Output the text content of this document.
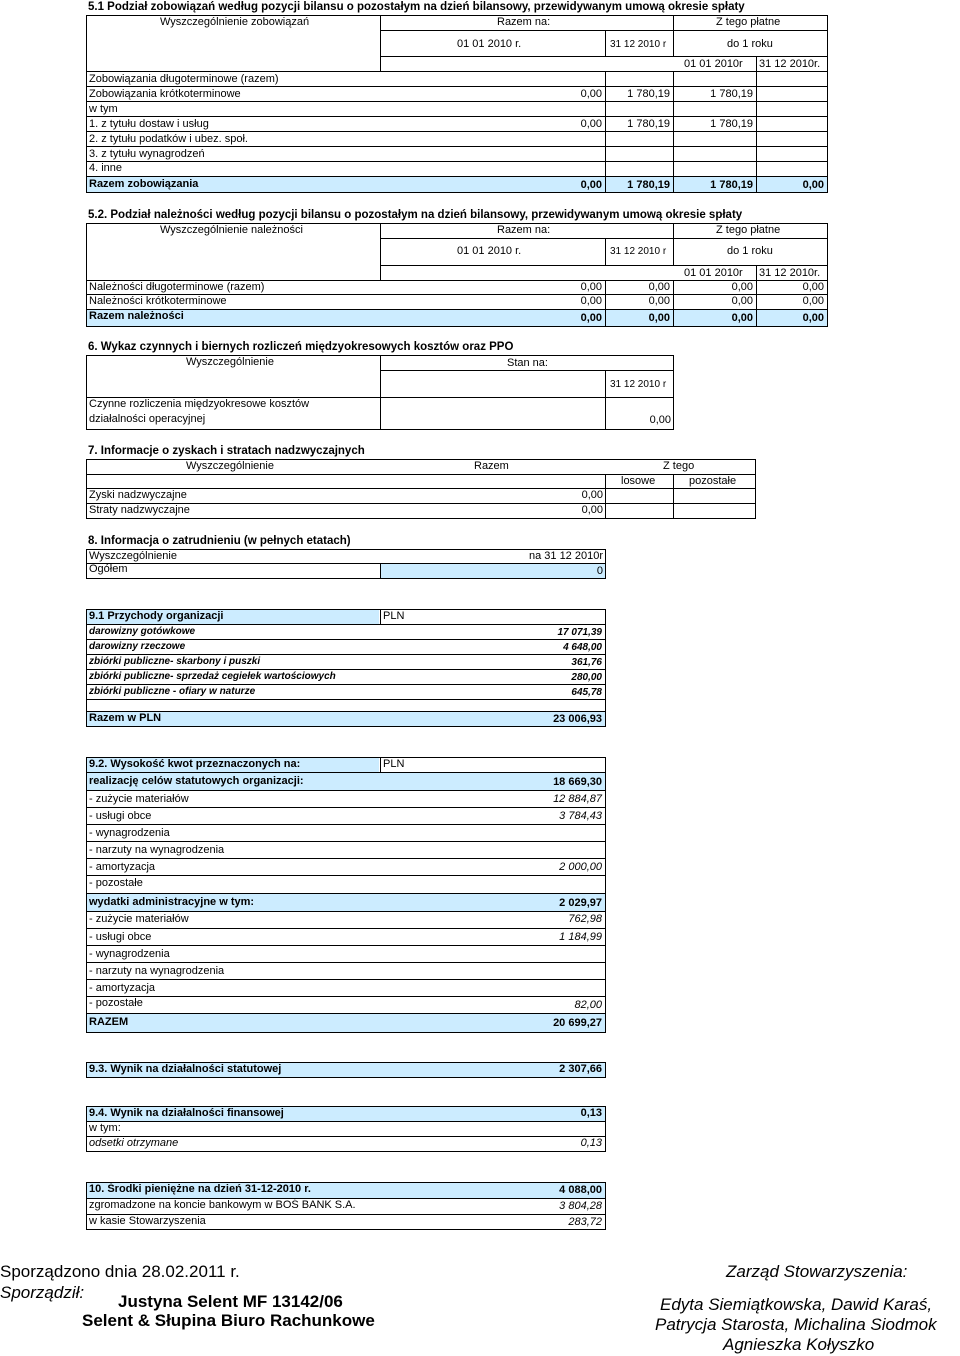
5.1 Podział zobowiązań według pozycji bilansu o pozostałym na dzień bilansowy, przewidywanym umową okresie spłaty
Wyszczególnienie zobowiązań	Razem na:	Z tego płatne
01 01 2010 r.	31 12 2010 r	do 1 roku
01 01 2010r 31 12 2010r.
Zobowiązania długoterminowe (razem)
Zobowiązania krótkoterminowe	0,00	1 780,19	1 780,19
w tym
1. z tytułu dostaw i usług	0,00	1 780,19	1 780,19
2. z tytułu podatków i ubez. społ.
3. z tytułu wynagrodzeń
4. inne
Razem zobowiązania	0,00	1 780,19	1 780,19	0,00
5.2. Podział należności według pozycji bilansu o pozostałym na dzień bilansowy, przewidywanym umową okresie spłaty
Wyszczególnienie należności	Razem na:	Z tego płatne
01 01 2010 r.	31 12 2010 r	do 1 roku
01 01 2010r 31 12 2010r.
Należności długoterminowe (razem)	0,00	0,00	0,00	0,00
Należności krótkoterminowe	0,00	0,00	0,00	0,00
Razem należności	0,00	0,00	0,00	0,00
6. Wykaz czynnych i biernych rozliczeń międzyokresowych kosztów oraz PPO
Wyszczególnienie	Stan na:
31 12 2010 r
Czynne rozliczenia międzyokresowe kosztów
działalności operacyjnej	0,00
7. Informacje o zyskach i stratach nadzwyczajnych
Wyszczególnienie	Razem	Z tego
losowe	pozostałe
Zyski nadzwyczajne	0,00
Straty nadzwyczajne	0,00
8. Informacja o zatrudnieniu (w pełnych etatach)
Wyszczególnienie	na 31 12 2010r
Ogółem	0
9.1 Przychody organizacji	PLN
darowizny gotówkowe	17 071,39
darowizny rzeczowe	4 648,00
zbiórki publiczne- skarbony i puszki	361,76
zbiórki publiczne- sprzedaż cegiełek wartościowych	280,00
zbiórki publiczne - ofiary w naturze	645,78
Razem w PLN	23 006,93
9.2. Wysokość kwot przeznaczonych na:	PLN
realizację celów statutowych organizacji:	18 669,30
- zużycie materiałów	12 884,87
- usługi obce	3 784,43
- wynagrodzenia
- narzuty na wynagrodzenia
- amortyzacja	2 000,00
- pozostałe
wydatki administracyjne w tym:	2 029,97
- zużycie materiałów	762,98
- usługi obce	1 184,99
- wynagrodzenia
- narzuty na wynagrodzenia
- amortyzacja
- pozostałe	82,00
RAZEM	20 699,27
9.3. Wynik na działalności statutowej	2 307,66
9.4. Wynik na działalności finansowej	0,13
w tym:
odsetki otrzymane	0,13
10. Środki pieniężne na dzień 31-12-2010 r.	4 088,00
zgromadzone na koncie bankowym w BOŚ BANK S.A.	3 804,28
w kasie Stowarzyszenia	283,72
Sporządzono dnia 28.02.2011 r.
Sporządził: Justyna Selent MF 13142/06
Selent & Słupina Biuro Rachunkowe
Zarząd Stowarzyszenia:
Edyta Siemiątkowska, Dawid Karaś,
Patrycja Starosta, Michalina Siodmok
Agnieszka Kołyszko
